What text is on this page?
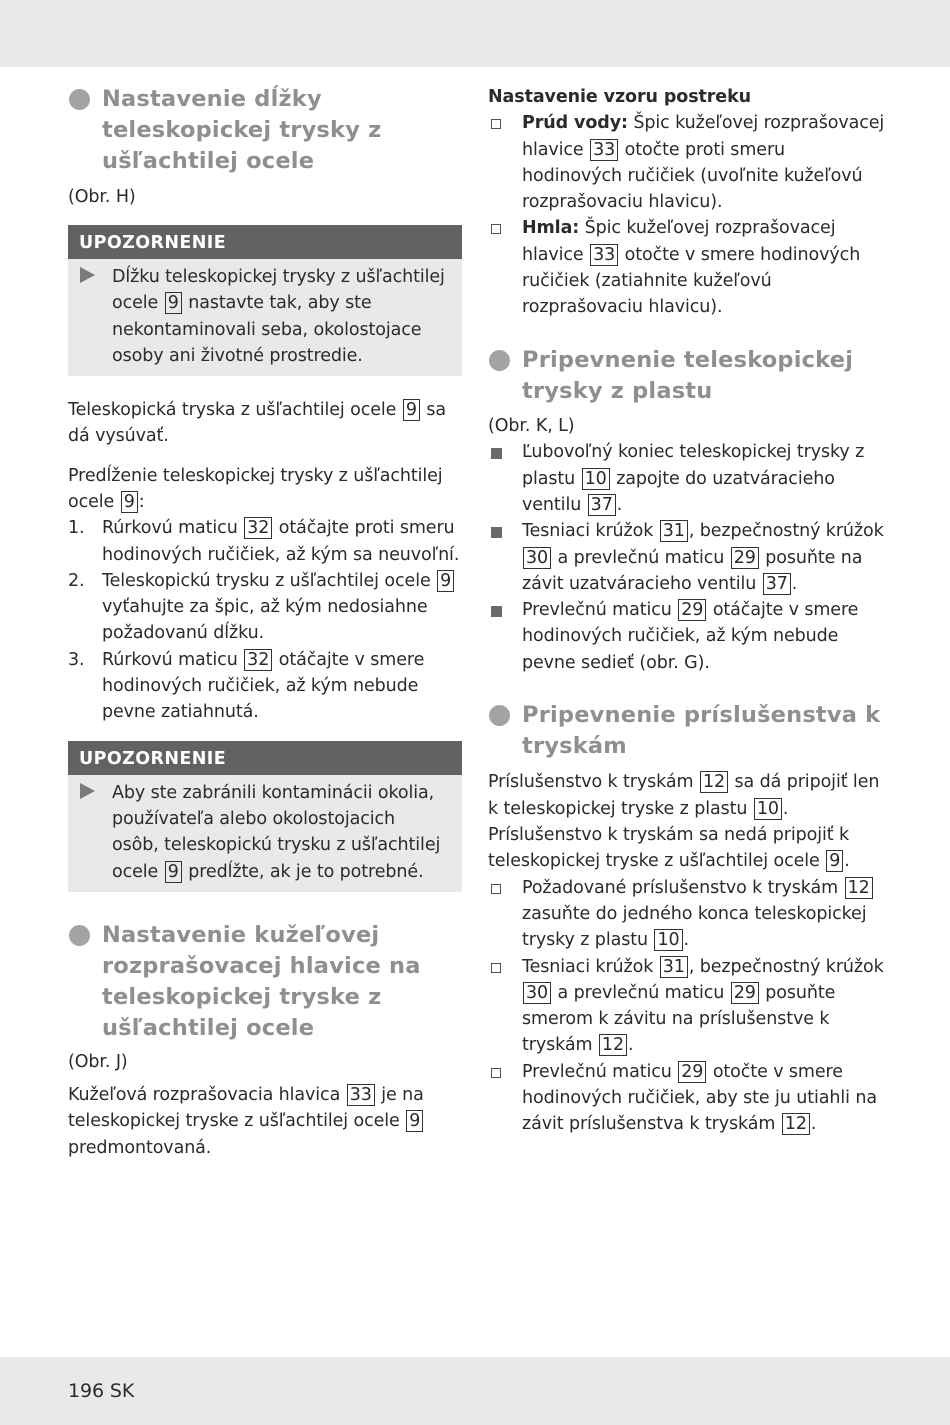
Nastavenie dĺžky teleskopickej trysky z ušľachtilej ocele

(Obr. H)

UPOZORNENIE
Dĺžku teleskopickej trysky z ušľachtilej ocele 9 nastavte tak, aby ste nekontaminovali seba, okolostojace osoby ani životné prostredie.

Teleskopická tryska z ušľachtilej ocele 9 sa dá vysúvať.

Predĺženie teleskopickej trysky z ušľachtilej ocele 9 :

1. Rúrkovú maticu 32 otáčajte proti smeru hodinových ručičiek, až kým sa neuvoľní.
2. Teleskopickú trysku z ušľachtilej ocele 9 vyťahujte za špic, až kým nedosiahne požadovanú dĺžku.
3. Rúrkovú maticu 32 otáčajte v smere hodinových ručičiek, až kým nebude pevne zatiahnutá.
UPOZORNENIE
Aby ste zabránili kontaminácii okolia, používateľa alebo okolostojacich osôb, teleskopickú trysku z ušľachtilej ocele 9 predĺžte, ak je to potrebné.
Nastavenie kužeľovej rozprašovacej hlavice na teleskopickej tryske z ušľachtilej ocele

(Obr. J)

Kužeľová rozprašovacia hlavica 33 je na teleskopickej tryske z ušľachtilej ocele 9 predmontovaná.

Nastavenie vzoru postreku

Prúd vody: Špic kužeľovej rozprašovacej hlavice 33 otočte proti smeru hodinových ručičiek (uvoľnite kužeľovú rozprašovaciu hlavicu).
Hmla: Špic kužeľovej rozprašovacej hlavice 33 otočte v smere hodinových ručičiek (zatiahnite kužeľovú rozprašovaciu hlavicu).
Pripevnenie teleskopickej trysky z plastu

(Obr. K, L)

Ľubovoľný koniec teleskopickej trysky z plastu 10 zapojte do uzatváracieho ventilu 37 .
Tesniaci krúžok 31 , bezpečnostný krúžok 30 a prevlečnú maticu 29 posuňte na závit uzatváracieho ventilu 37 .
Prevlečnú maticu 29 otáčajte v smere hodinových ručičiek, až kým nebude pevne sedieť (obr. G).
Pripevnenie príslušenstva k tryskám

Príslušenstvo k tryskám 12 sa dá pripojiť len k teleskopickej tryske z plastu 10 .

Príslušenstvo k tryskám sa nedá pripojiť k teleskopickej tryske z ušľachtilej ocele 9 .

Požadované príslušenstvo k tryskám 12 zasuňte do jedného konca teleskopickej trysky z plastu 10 .
Tesniaci krúžok 31 , bezpečnostný krúžok 30 a prevlečnú maticu 29 posuňte smerom k závitu na príslušenstve k tryskám 12 .
Prevlečnú maticu 29 otočte v smere hodinových ručičiek, aby ste ju utiahli na závit príslušenstva k tryskám 12 .
196 SK
